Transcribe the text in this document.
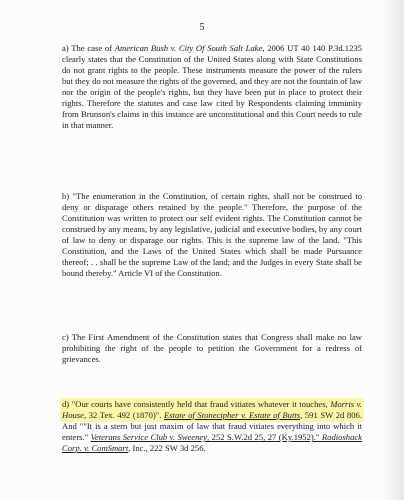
5

a) The case of American Bush v. City Of South Salt Lake, 2006 UT 40 140 P.3d.1235 clearly states that the Constitution of the United States along with State Constitutions do not grant rights to the people. These instruments measure the power of the rulers but they do not measure the rights of the governed, and they are not the fountain of law nor the origin of the people's rights, but they have been put in place to protect their rights. Therefore the statutes and case law cited by Respondents claiming immunity from Brunson's claims in this instance are unconstitutional and this Court needs to rule in that manner.

b) "The enumeration in the Constitution, of certain rights, shall not be construed to deny or disparage others retained by the people." Therefore, the purpose of the Constitution was written to protect our self evident rights. The Constitution cannot be construed by any means, by any legislative, judicial and executive bodies, by any court of law to deny or disparage our rights. This is the supreme law of the land. "This Constitution, and the Laws of the United States which shall be made Pursuance thereof; . . shall be the supreme Law of the land; and the Judges in every State shall be bound thereby." Article VI of the Constitution.

c) The First Amendment of the Constitution states that Congress shall make no law prohibiting the right of the people to petition the Government for a redress of grievances.

d) "Our courts have consistently held that fraud vitiates whatever it touches, Morris v. House, 32 Tex. 492 (1870)". Estate of Stonecipher v. Estate of Butts, 591 SW 2d 806. And ""It is a stern but just maxim of law that fraud vitiates everything into which it enters." Veterans Service Club v. Sweeney, 252 S.W.2d 25, 27 (Ky.1952)." Radioshack Corp. v. ComSmart, Inc., 222 SW 3d 256.
